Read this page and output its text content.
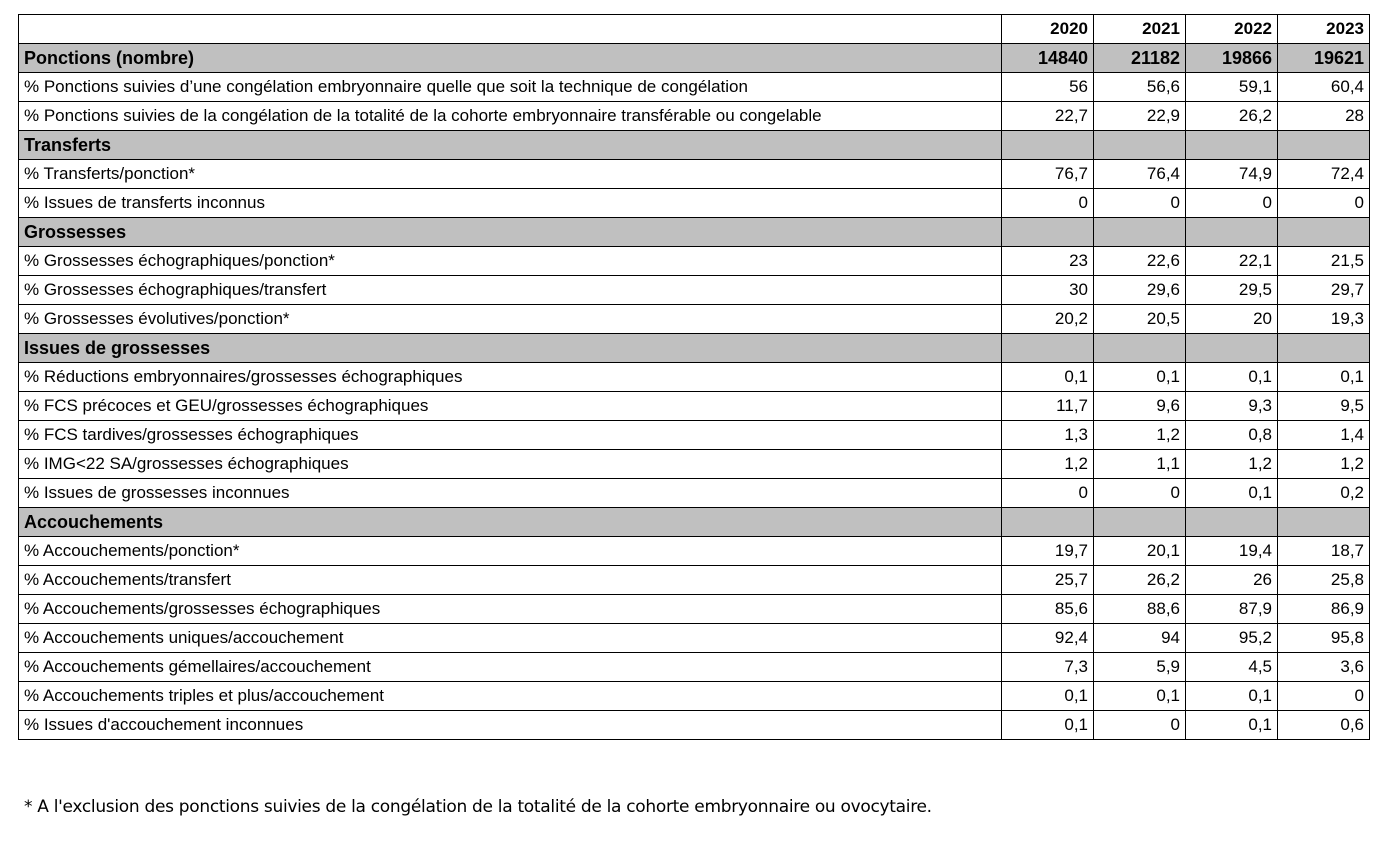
	2020	2021	2022	2023
Ponctions (nombre)	14840	21182	19866	19621
% Ponctions suivies d’une congélation embryonnaire quelle que soit la technique de congélation	56	56,6	59,1	60,4
% Ponctions suivies de la congélation de la totalité de la cohorte embryonnaire transférable ou congelable	22,7	22,9	26,2	28
Transferts				
% Transferts/ponction*	76,7	76,4	74,9	72,4
% Issues de transferts inconnus	0	0	0	0
Grossesses				
% Grossesses échographiques/ponction*	23	22,6	22,1	21,5
% Grossesses échographiques/transfert	30	29,6	29,5	29,7
% Grossesses évolutives/ponction*	20,2	20,5	20	19,3
Issues de grossesses				
% Réductions embryonnaires/grossesses échographiques	0,1	0,1	0,1	0,1
% FCS précoces et GEU/grossesses échographiques	11,7	9,6	9,3	9,5
% FCS tardives/grossesses échographiques	1,3	1,2	0,8	1,4
% IMG<22 SA/grossesses échographiques	1,2	1,1	1,2	1,2
% Issues de grossesses inconnues	0	0	0,1	0,2
Accouchements				
% Accouchements/ponction*	19,7	20,1	19,4	18,7
% Accouchements/transfert	25,7	26,2	26	25,8
% Accouchements/grossesses échographiques	85,6	88,6	87,9	86,9
% Accouchements uniques/accouchement	92,4	94	95,2	95,8
% Accouchements gémellaires/accouchement	7,3	5,9	4,5	3,6
% Accouchements triples et plus/accouchement	0,1	0,1	0,1	0
% Issues d'accouchement inconnues	0,1	0	0,1	0,6
* A l'exclusion des ponctions suivies de la congélation de la totalité de la cohorte embryonnaire ou ovocytaire.
